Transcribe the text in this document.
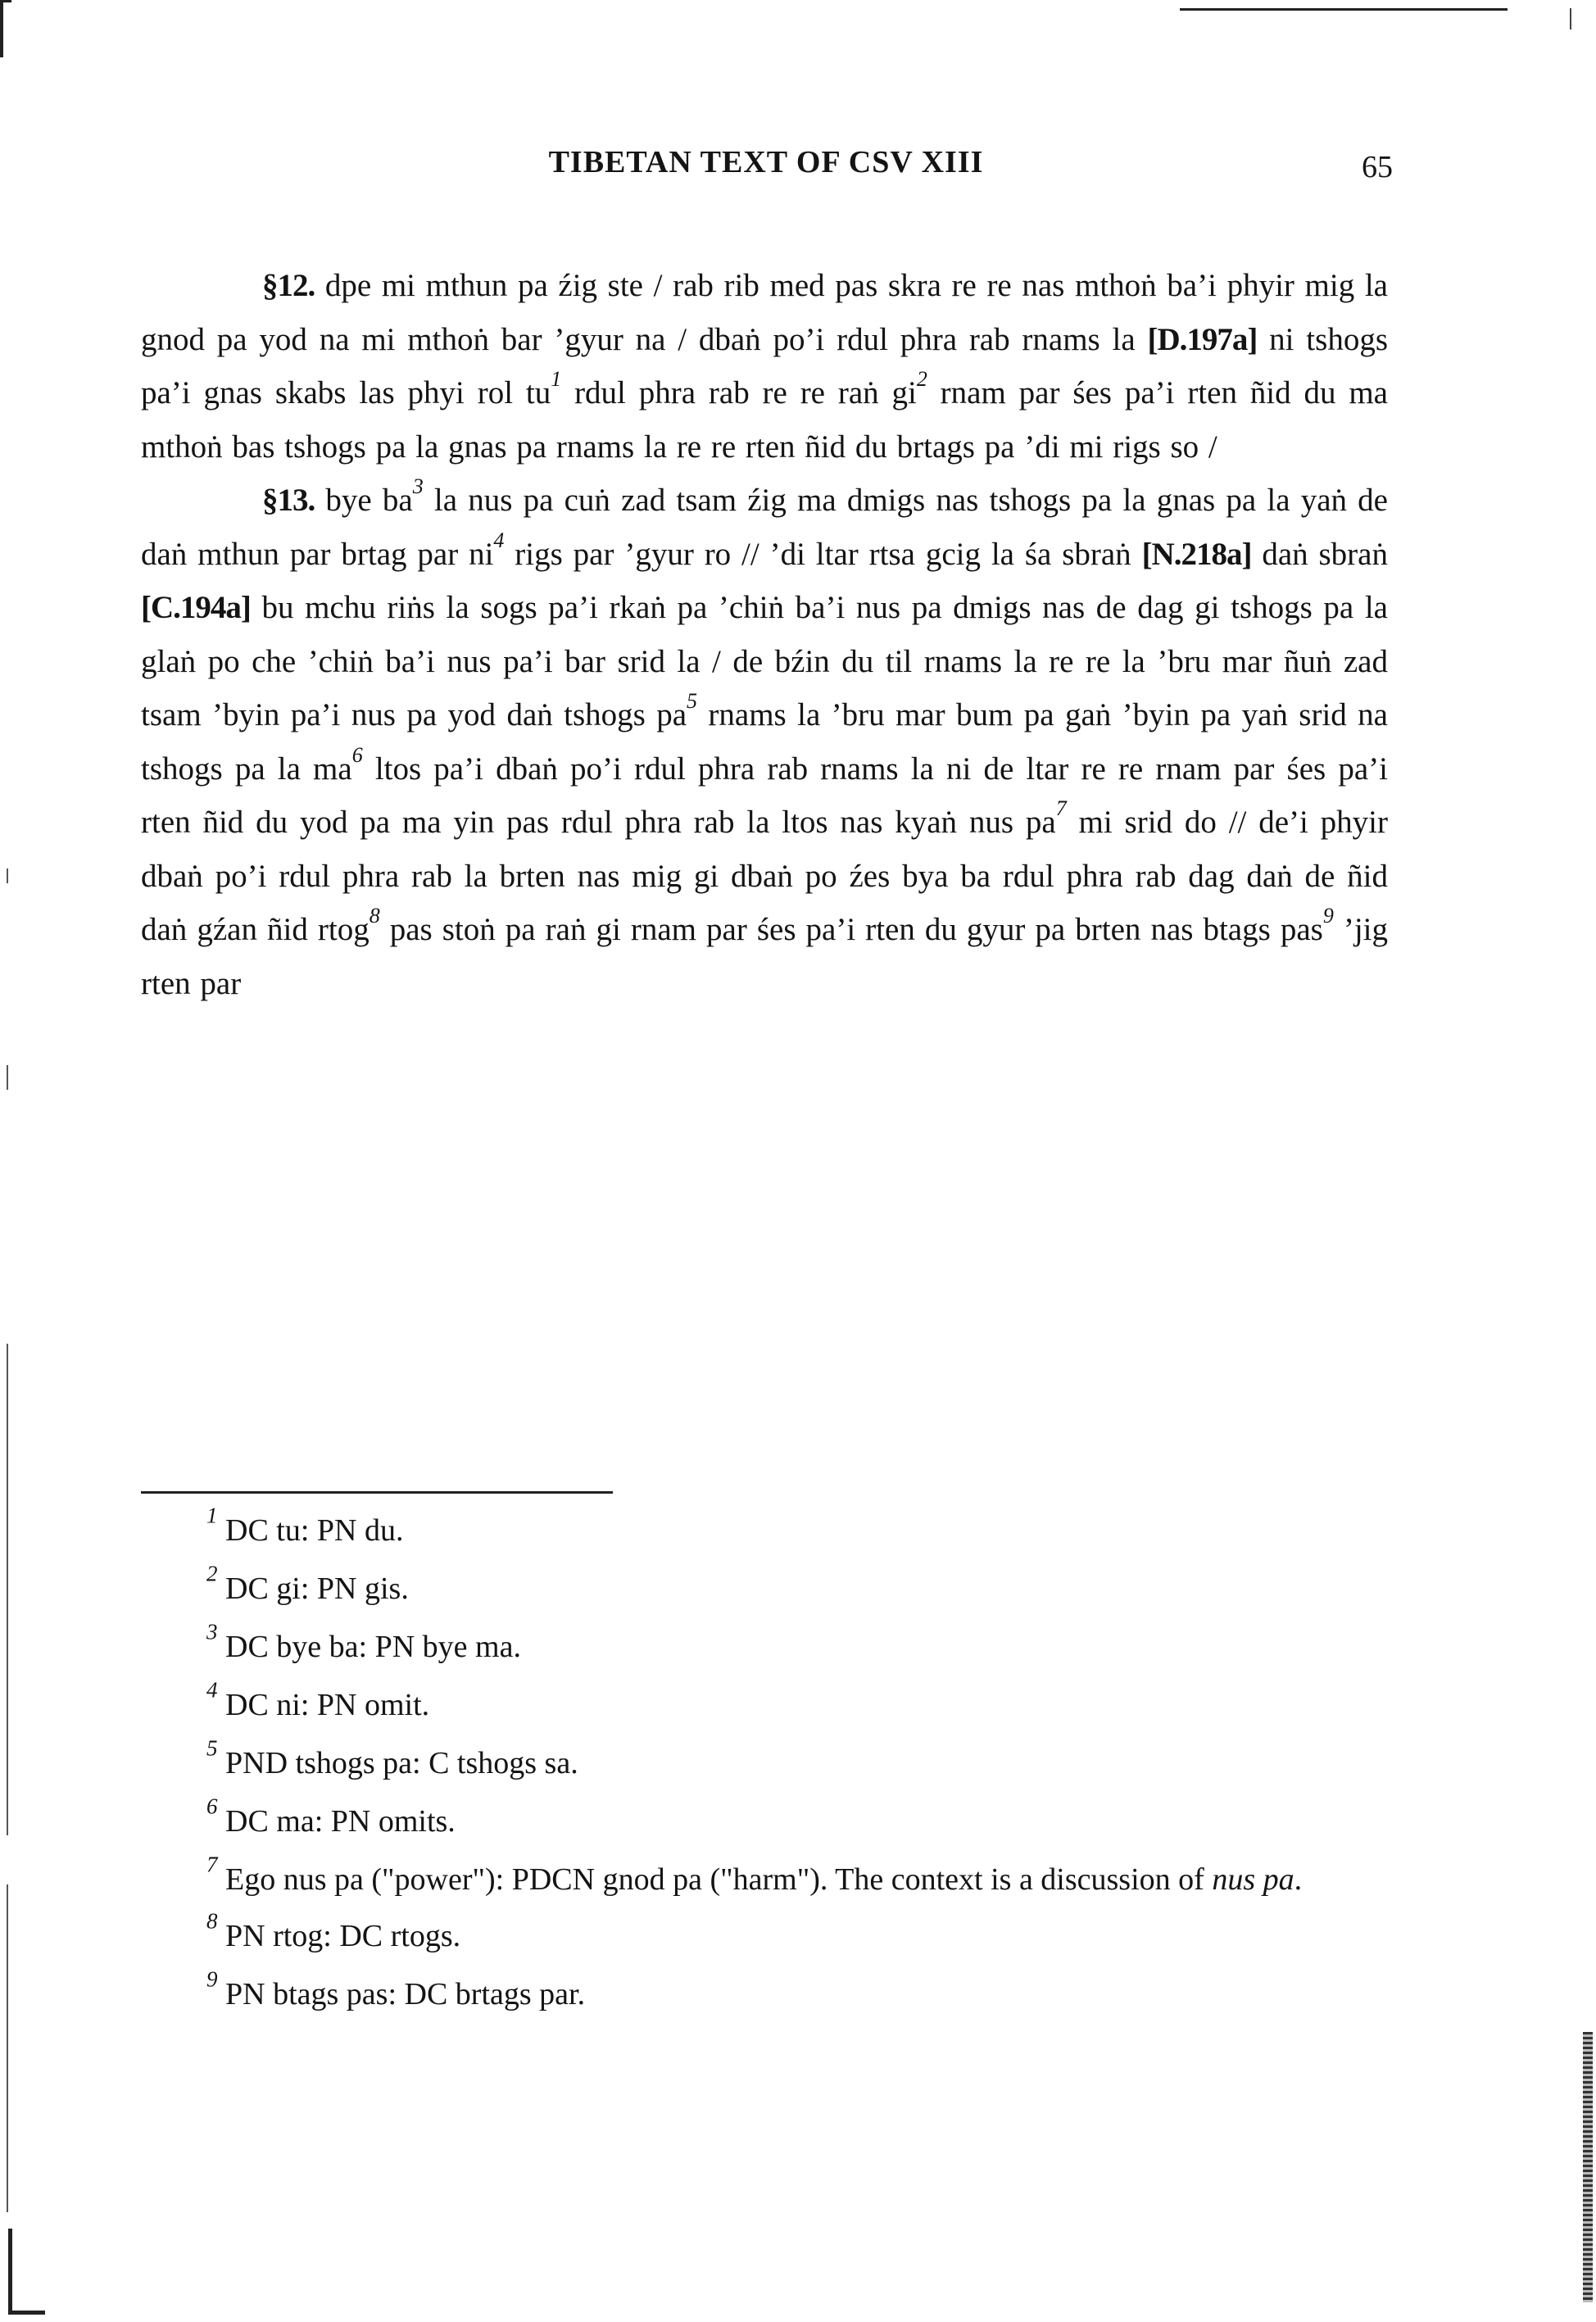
TIBETAN TEXT OF CSV XIII	65

§12. dpe mi mthun pa źig ste / rab rib med pas skra re re nas mthoṅ ba’i phyir mig la gnod pa yod na mi mthoṅ bar ’gyur na / dbaṅ po’i rdul phra rab rnams la [D.197a] ni tshogs pa’i gnas skabs las phyi rol $tu^1$ rdul phra rab re re raṅ $gi^2$ rnam par śes pa’i rten ñid du ma mthoṅ bas tshogs pa la gnas pa rnams la re re rten ñid du brtags pa ’di mi rigs so /

§13. bye $ba^3$ la nus pa cuṅ zad tsam źig ma dmigs nas tshogs pa la gnas pa la yaṅ de daṅ mthun par brtag par $ni^4$ rigs par ’gyur ro // ’di ltar rtsa gcig la śa sbraṅ [N.218a] daṅ sbraṅ [C.194a] bu mchu riṅs la sogs pa’i rkaṅ pa ’chiṅ ba’i nus pa dmigs nas de dag gi tshogs pa la glaṅ po che ’chiṅ ba’i nus pa’i bar srid la / de bźin du til rnams la re re la ’bru mar ñuṅ zad tsam ’byin pa’i nus pa yod daṅ tshogs $pa^5$ rnams la ’bru mar bum pa gaṅ ’byin pa yaṅ srid na tshogs pa la $ma^6$ ltos pa’i dbaṅ po’i rdul phra rab rnams la ni de ltar re re rnam par śes pa’i rten ñid du yod pa ma yin pas rdul phra rab la ltos nas kyaṅ nus $pa^7$ mi srid do // de’i phyir dbaṅ po’i rdul phra rab la brten nas mig gi dbaṅ po źes bya ba rdul phra rab dag daṅ de ñid daṅ gźan ñid rtog$^8$ pas stoṅ pa raṅ gi rnam par śes pa’i rten du gyur pa brten nas btags pas$^9$ ’jig rten par

$^1$ DC tu: PN du.
$^2$ DC gi: PN gis.
$^3$ DC bye ba: PN bye ma.
$^4$ DC ni: PN omit.
$^5$ PND tshogs pa: C tshogs sa.
$^6$ DC ma: PN omits.
$^7$ Ego nus pa ("power"): PDCN gnod pa ("harm"). The context is a discussion of nus pa.
$^8$ PN rtog: DC rtogs.
$^9$ PN btags pas: DC brtags par.
